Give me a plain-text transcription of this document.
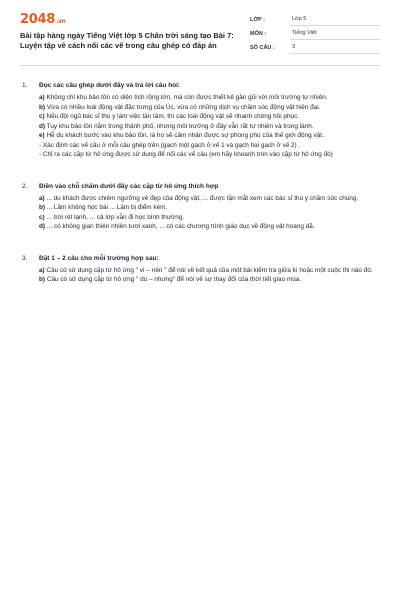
2048 .vn
Bài tập hàng ngày Tiếng Việt lớp 5 Chân trời sáng tạo Bài 7: Luyện tập về cách nối các vế trong câu ghép có đáp án
LỚP :	Lớp 5
MÔN :	Tiếng Việt
SỐ CÂU :	3
1.	Đọc các câu ghép dưới đây và trả lời câu hỏi:
a) Không chỉ khu bảo tồn có diện tích rộng lớn, mà còn được thiết kế gần gũi với môi trường tự nhiên.
b) Vừa có nhiều loài động vật đặc trưng của Úc, vừa có những dịch vụ chăm sóc động vật hiện đại.
c) Nếu đội ngũ bác sĩ thú y làm việc tận tâm, thì các loài động vật sẽ nhanh chóng hồi phục.
d) Tuy khu bảo tồn nằm trong thành phố, nhưng môi trường ở đây vẫn rất tự nhiên và trong lành.
e) Hễ du khách bước vào khu bảo tồn, là họ sẽ cảm nhận được sự phong phú của thế giới động vật.
- Xác định các vế câu ở mỗi câu ghép trên (gạch một gạch ở vế 1 và gạch hai gạch ở vế 2) .
- Chỉ ra các cặp từ hô ứng được sử dụng để nối các vế câu (em hãy khoanh tròn vào cặp từ hô ứng đó)
2.	Điền vào chỗ chấm dưới đây các cặp từ hô ứng thích hợp
a) ... du khách được chiêm ngưỡng vẻ đẹp của động vật, ... được tận mắt xem các bác sĩ thú y chăm sóc chúng.
b) ... Lâm không học bài ... Lâm bị điểm kém.
c) ... trời rét lạnh, ... cả lớp vẫn đi học bình thường.
d) ... có không gian thiên nhiên tươi xanh, ... có các chương trình giáo dục về động vật hoang dã.
3.	Đặt 1 – 2 câu cho mỗi trường hợp sau:
a) Câu có sử dụng cặp từ hô ứng " vì – nên " để nói về kết quả của một bài kiểm tra giữa kì hoặc một cuộc thi nào đó.
b) Câu có sử dụng cặp từ hô ứng " dù – nhưng" để nói về sự thay đổi của thời tiết giao mùa.
